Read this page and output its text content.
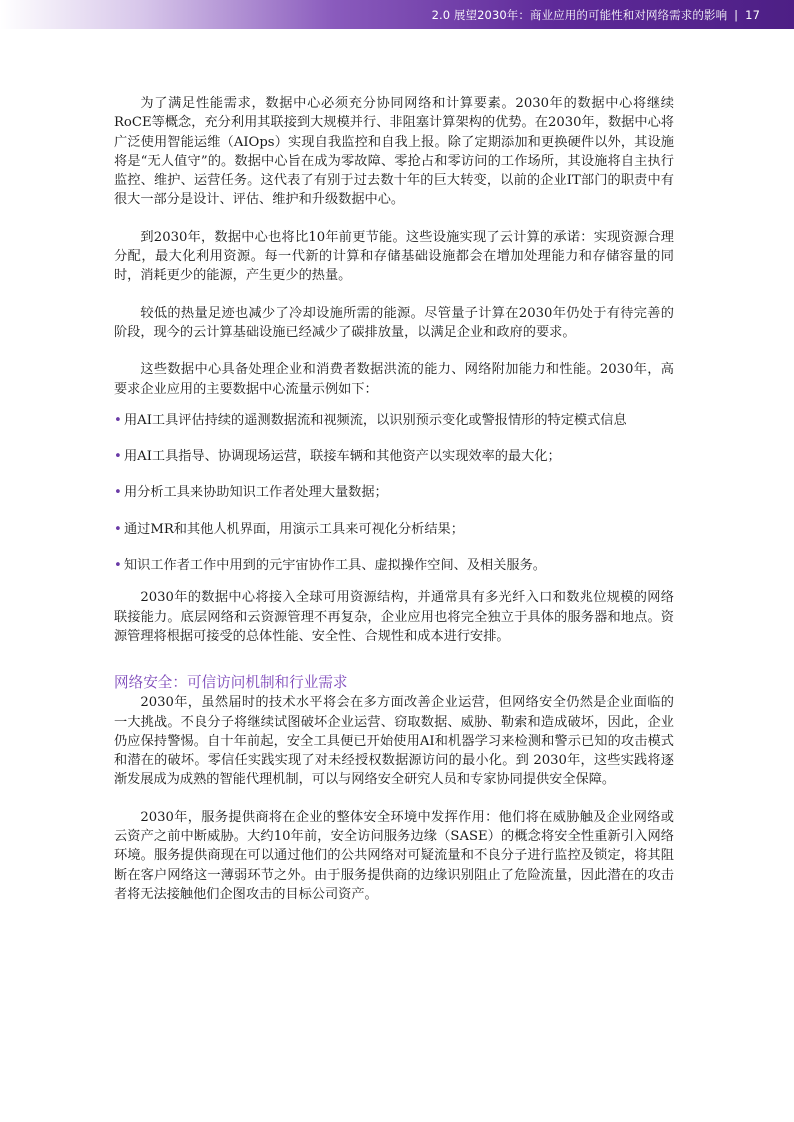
2.0 展望2030年：商业应用的可能性和对网络需求的影响 | 17

为了满足性能需求，数据中心必须充分协同网络和计算要素。2030年的数据中心将继续RoCE等概念，充分利用其联接到大规模并行、非阻塞计算架构的优势。在2030年，数据中心将广泛使用智能运维（AIOps）实现自我监控和自我上报。除了定期添加和更换硬件以外，其设施将是“无人值守”的。数据中心旨在成为零故障、零抢占和零访问的工作场所，其设施将自主执行监控、维护、运营任务。这代表了有别于过去数十年的巨大转变，以前的企业IT部门的职责中有很大一部分是设计、评估、维护和升级数据中心。

到2030年，数据中心也将比10年前更节能。这些设施实现了云计算的承诺：实现资源合理分配，最大化利用资源。每一代新的计算和存储基础设施都会在增加处理能力和存储容量的同时，消耗更少的能源，产生更少的热量。

较低的热量足迹也减少了冷却设施所需的能源。尽管量子计算在2030年仍处于有待完善的阶段，现今的云计算基础设施已经减少了碳排放量，以满足企业和政府的要求。

这些数据中心具备处理企业和消费者数据洪流的能力、网络附加能力和性能。2030年，高要求企业应用的主要数据中心流量示例如下：

• 用AI工具评估持续的遥测数据流和视频流，以识别预示变化或警报情形的特定模式信息
• 用AI工具指导、协调现场运营，联接车辆和其他资产以实现效率的最大化；
• 用分析工具来协助知识工作者处理大量数据；
• 通过MR和其他人机界面，用演示工具来可视化分析结果；
• 知识工作者工作中用到的元宇宙协作工具、虚拟操作空间、及相关服务。

2030年的数据中心将接入全球可用资源结构，并通常具有多光纤入口和数兆位规模的网络联接能力。底层网络和云资源管理不再复杂，企业应用也将完全独立于具体的服务器和地点。资源管理将根据可接受的总体性能、安全性、合规性和成本进行安排。

网络安全：可信访问机制和行业需求

2030年，虽然届时的技术水平将会在多方面改善企业运营，但网络安全仍然是企业面临的一大挑战。不良分子将继续试图破坏企业运营、窃取数据、威胁、勒索和造成破坏，因此，企业仍应保持警惕。自十年前起，安全工具便已开始使用AI和机器学习来检测和警示已知的攻击模式和潜在的破坏。零信任实践实现了对未经授权数据源访问的最小化。到 2030年，这些实践将逐渐发展成为成熟的智能代理机制，可以与网络安全研究人员和专家协同提供安全保障。

2030年，服务提供商将在企业的整体安全环境中发挥作用：他们将在威胁触及企业网络或云资产之前中断威胁。大约10年前，安全访问服务边缘（SASE）的概念将安全性重新引入网络环境。服务提供商现在可以通过他们的公共网络对可疑流量和不良分子进行监控及锁定，将其阻断在客户网络这一薄弱环节之外。由于服务提供商的边缘识别阻止了危险流量，因此潜在的攻击者将无法接触他们企图攻击的目标公司资产。
